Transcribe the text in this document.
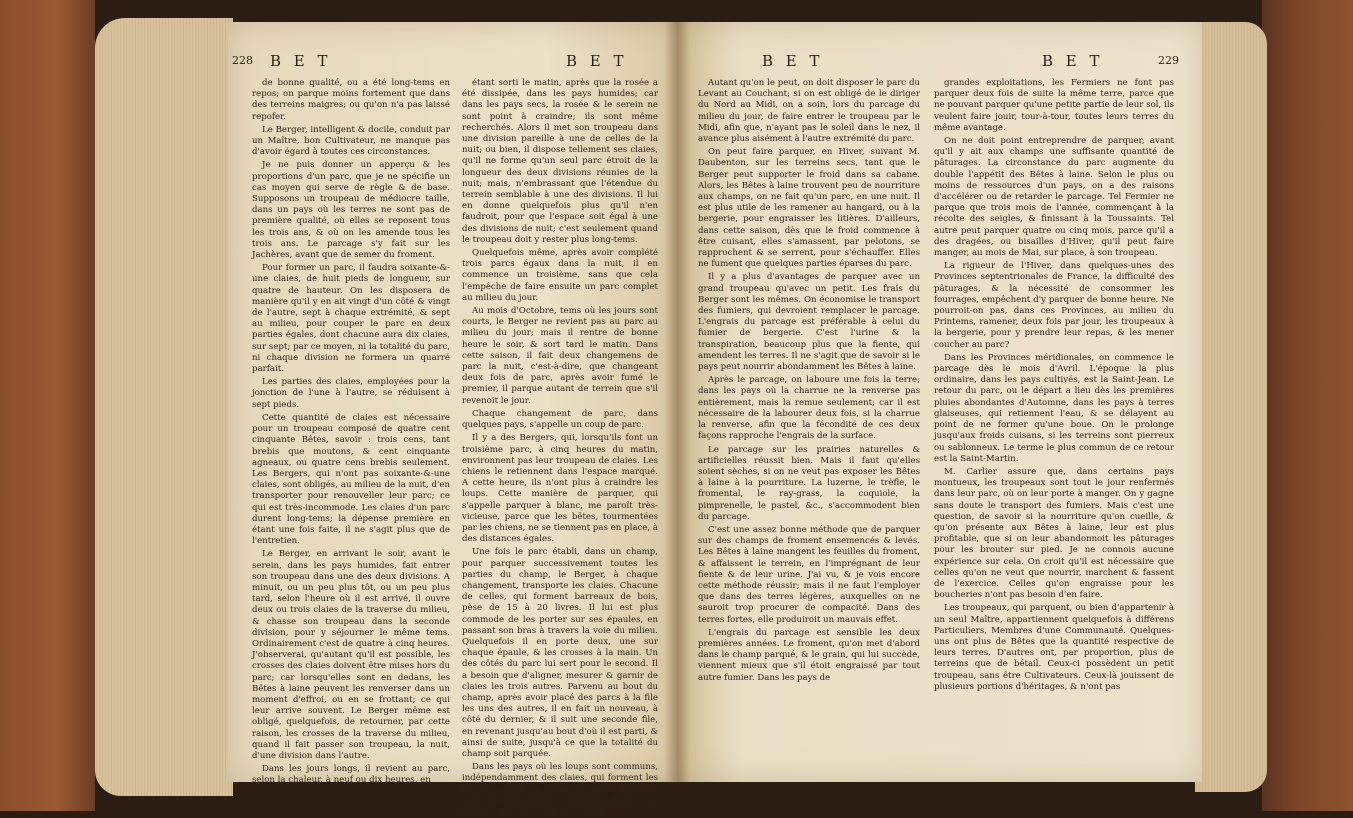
228 B E T	B E T	B E T	B E T	229

de bonne qualité, ou a été long-tems en repos; on parque moins fortement que dans des terreins maigres; ou qu'on n'a pas laissé repofer.

Le Berger, intelligent & docile, conduit par un Maître, bon Cultivateur, ne manque pas d'avoir égard à toutes ces circonstances.

Je ne puis donner un apperçu & les proportions d'un parc, que je ne spécifie un cas moyen qui serve de règle & de base. Supposons un troupeau de médiocre taille, dans un pays où les terres ne sont pas de première qualité, où elles se reposent tous les trois ans, & où on les amende tous les trois ans. Le parcage s'y fait sur les Jachères, avant que de semer du froment.

Pour former un parc, il faudra soixante-&-une claies, de huit pieds de longueur, sur quatre de hauteur. On les disposera de manière qu'il y en ait vingt d'un côté & vingt de l'autre, sept à chaque extrémité, & sept au milieu, pour couper le parc en deux parties égales, dont chacune aura dix claies, sur sept; par ce moyen, ni la totalité du parc, ni chaque division ne formera un quarré parfait.

Les parties des claies, employées pour la jonction de l'une à l'autre, se réduisent à sept pieds.

Cette quantité de claies est nécessaire pour un troupeau composé de quatre cent cinquante Bêtes, savoir : trois cens, tant brebis que moutons, & cent cinquante agneaux, ou quatre cens brebis seulement. Les Bergers, qui n'ont pas soixante-&-une claies, sont obligés, au milieu de la nuit, d'en transporter pour renouveller leur parc; ce qui est très-incommode. Les claies d'un parc durent long-tems; la dépense première en étant une fois faite, il ne s'agit plus que de l'entretien.

Le Berger, en arrivant le soir, avant le serein, dans les pays humides, fait entrer son troupeau dans une des deux divisions. A minuit, ou un peu plus tôt, ou un peu plus tard, selon l'heure où il est arrivé, il ouvre deux ou trois claies de la traverse du milieu, & chasse son troupeau dans la seconde division, pour y séjourner le même tems. Ordinairement c'est de quatre à cinq heures. J'observerai, qu'autant qu'il est possible, les crosses des claies doivent être mises hors du parc; car lorsqu'elles sont en dedans, les Bêtes à laine peuvent les renverser dans un moment d'effroi, ou en se frottant; ce qui leur arrive souvent. Le Berger même est obligé, quelquefois, de retourner, par cette raison, les crosses de la traverse du milieu, quand il fait passer son troupeau, la nuit, d'une division dans l'autre.

Dans les jours longs, il revient au parc, selon la chaleur, à neuf ou dix heures, en

étant sorti le matin, après que la rosée a été dissipée, dans les pays humides; car dans les pays secs, la rosée & le serein ne sont point à craindre; ils sont même recherchés. Alors il met son troupeau dans une division pareille à une de celles de la nuit; ou bien, il dispose tellement ses claies, qu'il ne forme qu'un seul parc étroit de la longueur des deux divisions réunies de la nuit; mais, n'embrassant que l'étendue du terrein semblable à une des divisions. Il lui en donne quelquefois plus qu'il n'en faudroit, pour que l'espace soit égal à une des divisions de nuit; c'est seulement quand le troupeau doit y rester plus long-tems.

Quelquefois même, après avoir complété trois parcs égaux dans la nuit, il en commence un troisième, sans que cela l'empêche de faire ensuite un parc complet au milieu du jour.

Au mois d'Octobre, tems où les jours sont courts, le Berger ne revient pas au parc au milieu du jour; mais il rentre de bonne heure le soir, & sort tard le matin. Dans cette saison, il fait deux changemens de parc la nuit, c'est-à-dire, que changeant deux fois de parc, après avoir fumé le premier, il parque autant de terrein que s'il revenoit le jour.

Chaque changement de parc, dans quelques pays, s'appelle un coup de parc.

Il y a des Bergers, qui, lorsqu'ils font un troisième parc, à cinq heures du matin, environnent pas leur troupeau de claies. Les chiens le retiennent dans l'espace marqué. A cette heure, ils n'ont plus à craindre les loups. Cette manière de parquer, qui s'appelle parquer à blanc, me paroît très-vicieuse, parce que les bêtes, tourmentées par les chiens, ne se tiennent pas en place, à des distances égales.

Une fois le parc établi, dans un champ, pour parquer successivement toutes les parties du champ, le Berger, à chaque changement, transporte les claies. Chacune de celles, qui forment barreaux de bois, pèse de 15 à 20 livres. Il lui est plus commode de les porter sur ses épaules, en passant son bras à travers la voie du milieu. Quelquefois il en porte deux, une sur chaque épaule, & les crosses à la main. Un des côtés du parc lui sert pour le second. Il a besoin que d'aligner, mesurer & garnir de claies les trois autres. Parvenu au bout du champ, après avoir placé des parcs à la file les uns des autres, il en fait un nouveau, à côté du dernier, & il suit une seconde file, en revenant jusqu'au bout d'où il est parti, & ainsi de suite, jusqu'à ce que la totalité du champ soit parquée.

Dans les pays où les loups sont communs, indépendamment des claies, qui forment les parcs, on tend, en avant, des filets; les loups sans les appercevoir, se jettent dedans, & se battent, & avertissent les chiens.

Autant qu'on le peut, on doit disposer le parc du Levant au Couchant; si on est obligé de le diriger du Nord au Midi, on a soin, lors du parcage du milieu du jour, de faire entrer le troupeau par le Midi, afin que, n'ayant pas le soleil dans le nez, il avance plus aisément à l'autre extrémité du parc.

On peut faire parquer, en Hiver, suivant M. Daubenton, sur les terreins secs, tant que le Berger peut supporter le froid dans sa cabane. Alors, les Bêtes à laine trouvent peu de nourriture aux champs, on ne fait qu'un parc, en une nuit. Il est plus utile de les ramener au hangard, ou à la bergerie, pour engraisser les litières. D'ailleurs, dans cette saison, dès que le froid commence à être cuisant, elles s'amassent, par pelotons, se rapprochent & se serrent, pour s'échauffer. Elles ne fument que quelques parties éparses du parc.

Il y a plus d'avantages de parquer avec un grand troupeau qu'avec un petit. Les frais du Berger sont les mêmes. On économise le transport des fumiers, qui devroient remplacer le parcage. L'engrais du parcage est préférable à celui du fumier de bergerie. C'est l'urine & la transpiration, beaucoup plus que la fiente, qui amendent les terres. Il ne s'agit que de savoir si le pays peut nourrir abondamment les Bêtes à laine.

Après le parcage, on laboure une fois la terre; dans les pays où la charrue ne la renverse pas entièrement, mais la remue seulement; car il est nécessaire de la labourer deux fois, si la charrue la renverse, afin que la fécondité de ces deux façons rapproche l'engrais de la surface.

Le parcage sur les prairies naturelles & artificielles réussit bien. Mais il faut qu'elles soient sèches, si on ne veut pas exposer les Bêtes à laine à la pourriture. La luzerne, le trèfle, le fromental, le ray-grass, la coquiole, la pimprenelle, le pastel, &c., s'accommodent bien du parcage.

C'est une assez bonne méthode que de parquer sur des champs de froment ensemencés & levés. Les Bêtes à laine mangent les feuilles du froment, & affaissent le terrein, en l'imprégnant de leur fiente & de leur urine. J'ai vu, & je vois encore cette méthode réussir; mais il ne faut l'employer que dans des terres légères, auxquelles on ne sauroit trop procurer de compacité. Dans des terres fortes, elle produiroit un mauvais effet.

L'engrais du parcage est sensible les deux premières années. Le froment, qu'on met d'abord dans le champ parqué, & le grain, qui lui succède, viennent mieux que s'il étoit engraissé par tout autre fumier. Dans les pays de

grandes exploitations, les Fermiers ne font pas parquer deux fois de suite la même terre, parce que ne pouvant parquer qu'une petite partie de leur sol, ils veulent faire jouir, tour-à-tour, toutes leurs terres du même avantage.

On ne doit point entreprendre de parquer, avant qu'il y ait aux champs une suffisante quantité de pâturages. La circonstance du parc augmente du double l'appétit des Bêtes à laine. Selon le plus ou moins de ressources d'un pays, on a des raisons d'accélérer ou de retarder le parcage. Tel Fermier ne parque que trois mois de l'année, commençant à la récolte des seigles, & finissant à la Toussaints. Tel autre peut parquer quatre ou cinq mois, parce qu'il a des dragées, ou bisailles d'Hiver, qu'il peut faire manger, au mois de Mai, sur place, à son troupeau.

La rigueur de l'Hiver, dans quelques-unes des Provinces septentrionales de France, la difficulté des pâturages, & la nécessité de consommer les fourrages, empêchent d'y parquer de bonne heure. Ne pourroit-on pas, dans ces Provinces, au milieu du Printems, ramener, deux fois par jour, les troupeaux à la bergerie, pour y prendre leur repas, & les mener coucher au parc?

Dans les Provinces méridionales, on commence le parcage dès le mois d'Avril. L'époque la plus ordinaire, dans les pays cultivés, est la Saint-Jean. Le retour du parc, ou le départ a lieu dès les premières pluies abondantes d'Automne, dans les pays à terres glaiseuses, qui retiennent l'eau, & se délayent au point de ne former qu'une boue. On le prolonge jusqu'aux froids cuisans, si les terreins sont pierreux ou sablonneux. Le terme le plus commun de ce retour est la Saint-Martin.

M. Carlier assure que, dans certains pays montueux, les troupeaux sont tout le jour renfermés dans leur parc, où on leur porte à manger. On y gagne sans doute le transport des fumiers. Mais c'est une question, de savoir si la nourriture qu'on cueille, & qu'on présente aux Bêtes à laine, leur est plus profitable, que si on leur abandonnoit les pâturages pour les brouter sur pied. Je ne connois aucune expérience sur cela. On croit qu'il est nécessaire que celles qu'on ne veut que nourrir, marchent & fassent de l'exercice. Celles qu'on engraisse pour les boucheries n'ont pas besoin d'en faire.

Les troupeaux, qui parquent, ou bien d'appartenir à un seul Maître, appartiennent quelquefois à différens Particuliers, Membres d'une Communauté. Quelques-uns ont plus de Bêtes que la quantité respective de leurs terres. D'autres ont, par proportion, plus de terreins que de bétail. Ceux-ci possèdent un petit troupeau, sans être Cultivateurs. Ceux-là jouissent de plusieurs portions d'héritages, & n'ont pas
